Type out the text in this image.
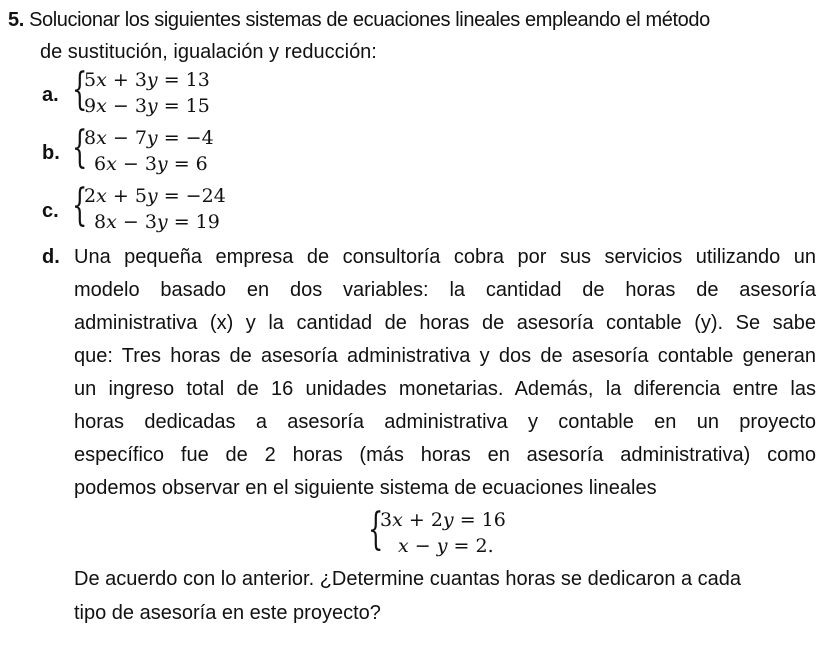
5. Solucionar los siguientes sistemas de ecuaciones lineales empleando el método
de sustitución, igualación y reducción:
a. {
5x + 3y = 13
9x − 3y = 15
b. {
8x − 7y = −4
6x − 3y = 6
c. {
2x + 5y = −24
8x − 3y = 19
d. Una pequeña empresa de consultoría cobra por sus servicios utilizando un
modelo basado en dos variables: la cantidad de horas de asesoría
administrativa (x) y la cantidad de horas de asesoría contable (y). Se sabe
que: Tres horas de asesoría administrativa y dos de asesoría contable generan
un ingreso total de 16 unidades monetarias. Además, la diferencia entre las
horas dedicadas a asesoría administrativa y contable en un proyecto
específico fue de 2 horas (más horas en asesoría administrativa) como
podemos observar en el siguiente sistema de ecuaciones lineales
{
3x + 2y = 16
x − y = 2.
De acuerdo con lo anterior. ¿Determine cuantas horas se dedicaron a cada
tipo de asesoría en este proyecto?
